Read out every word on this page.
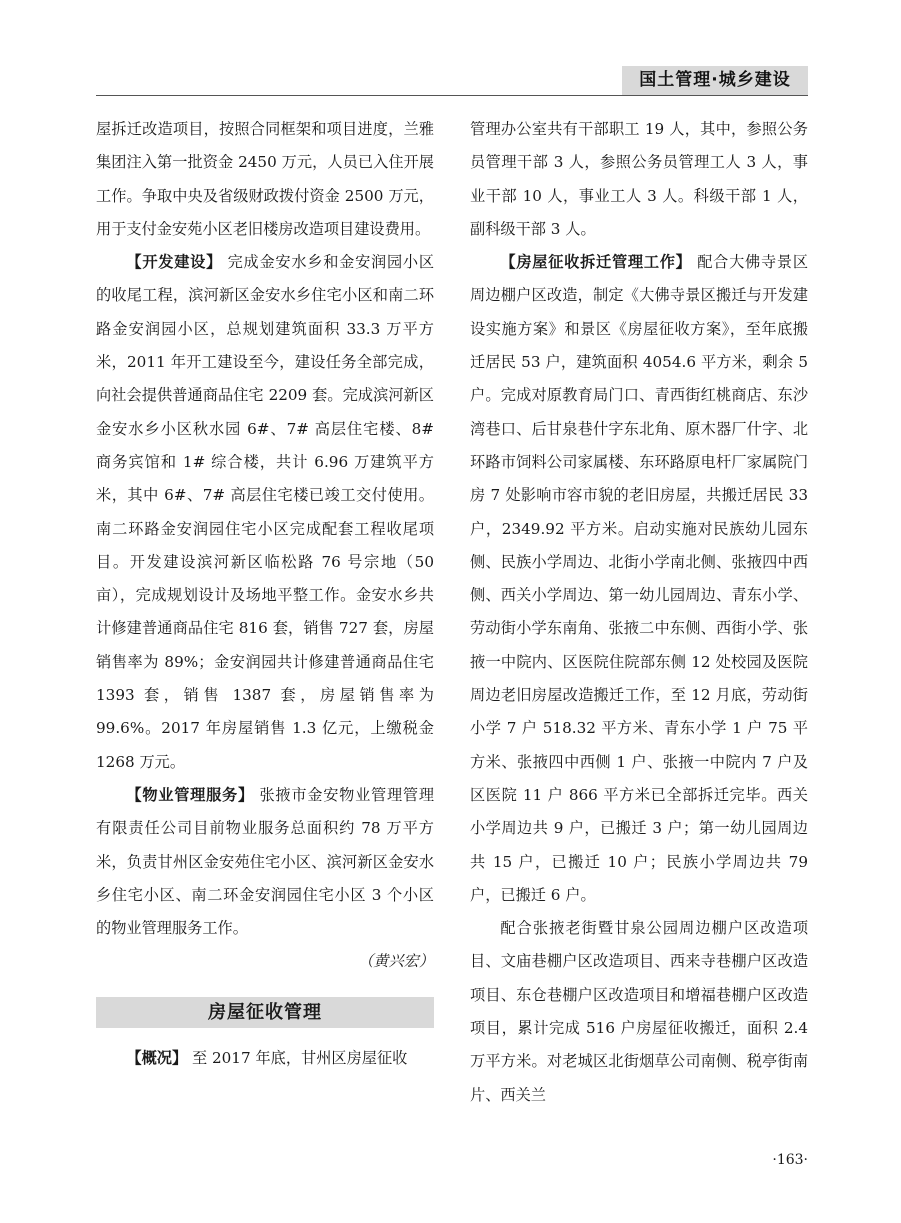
国土管理·城乡建设

屋拆迁改造项目，按照合同框架和项目进度，兰雅集团注入第一批资金 2450 万元，人员已入住开展工作。争取中央及省级财政拨付资金 2500 万元，用于支付金安苑小区老旧楼房改造项目建设费用。

【开发建设】 完成金安水乡和金安润园小区的收尾工程，滨河新区金安水乡住宅小区和南二环路金安润园小区，总规划建筑面积 33.3 万平方米，2011 年开工建设至今，建设任务全部完成，向社会提供普通商品住宅 2209 套。完成滨河新区金安水乡小区秋水园 6#、7# 高层住宅楼、8# 商务宾馆和 1# 综合楼，共计 6.96 万建筑平方米，其中 6#、7# 高层住宅楼已竣工交付使用。南二环路金安润园住宅小区完成配套工程收尾项目。开发建设滨河新区临松路 76 号宗地（50 亩），完成规划设计及场地平整工作。金安水乡共计修建普通商品住宅 816 套，销售 727 套，房屋销售率为 89%；金安润园共计修建普通商品住宅 1393 套，销售 1387 套，房屋销售率为 99.6%。2017 年房屋销售 1.3 亿元，上缴税金 1268 万元。

【物业管理服务】 张掖市金安物业管理管理有限责任公司目前物业服务总面积约 78 万平方米，负责甘州区金安苑住宅小区、滨河新区金安水乡住宅小区、南二环金安润园住宅小区 3 个小区的物业管理服务工作。

（黄兴宏）

房屋征收管理

【概况】 至 2017 年底，甘州区房屋征收

管理办公室共有干部职工 19 人，其中，参照公务员管理干部 3 人，参照公务员管理工人 3 人，事业干部 10 人，事业工人 3 人。科级干部 1 人，副科级干部 3 人。

【房屋征收拆迁管理工作】 配合大佛寺景区周边棚户区改造，制定《大佛寺景区搬迁与开发建设实施方案》和景区《房屋征收方案》，至年底搬迁居民 53 户，建筑面积 4054.6 平方米，剩余 5 户。完成对原教育局门口、青西街红桃商店、东沙湾巷口、后甘泉巷什字东北角、原木器厂什字、北环路市饲料公司家属楼、东环路原电杆厂家属院门房 7 处影响市容市貌的老旧房屋，共搬迁居民 33 户，2349.92 平方米。启动实施对民族幼儿园东侧、民族小学周边、北街小学南北侧、张掖四中西侧、西关小学周边、第一幼儿园周边、青东小学、劳动街小学东南角、张掖二中东侧、西街小学、张掖一中院内、区医院住院部东侧 12 处校园及医院周边老旧房屋改造搬迁工作，至 12 月底，劳动街小学 7 户 518.32 平方米、青东小学 1 户 75 平方米、张掖四中西侧 1 户、张掖一中院内 7 户及区医院 11 户 866 平方米已全部拆迁完毕。西关小学周边共 9 户，已搬迁 3 户；第一幼儿园周边共 15 户，已搬迁 10 户；民族小学周边共 79 户，已搬迁 6 户。

配合张掖老街暨甘泉公园周边棚户区改造项目、文庙巷棚户区改造项目、西来寺巷棚户区改造项目、东仓巷棚户区改造项目和增福巷棚户区改造项目，累计完成 516 户房屋征收搬迁，面积 2.4 万平方米。对老城区北街烟草公司南侧、税亭街南片、西关兰

·163·
